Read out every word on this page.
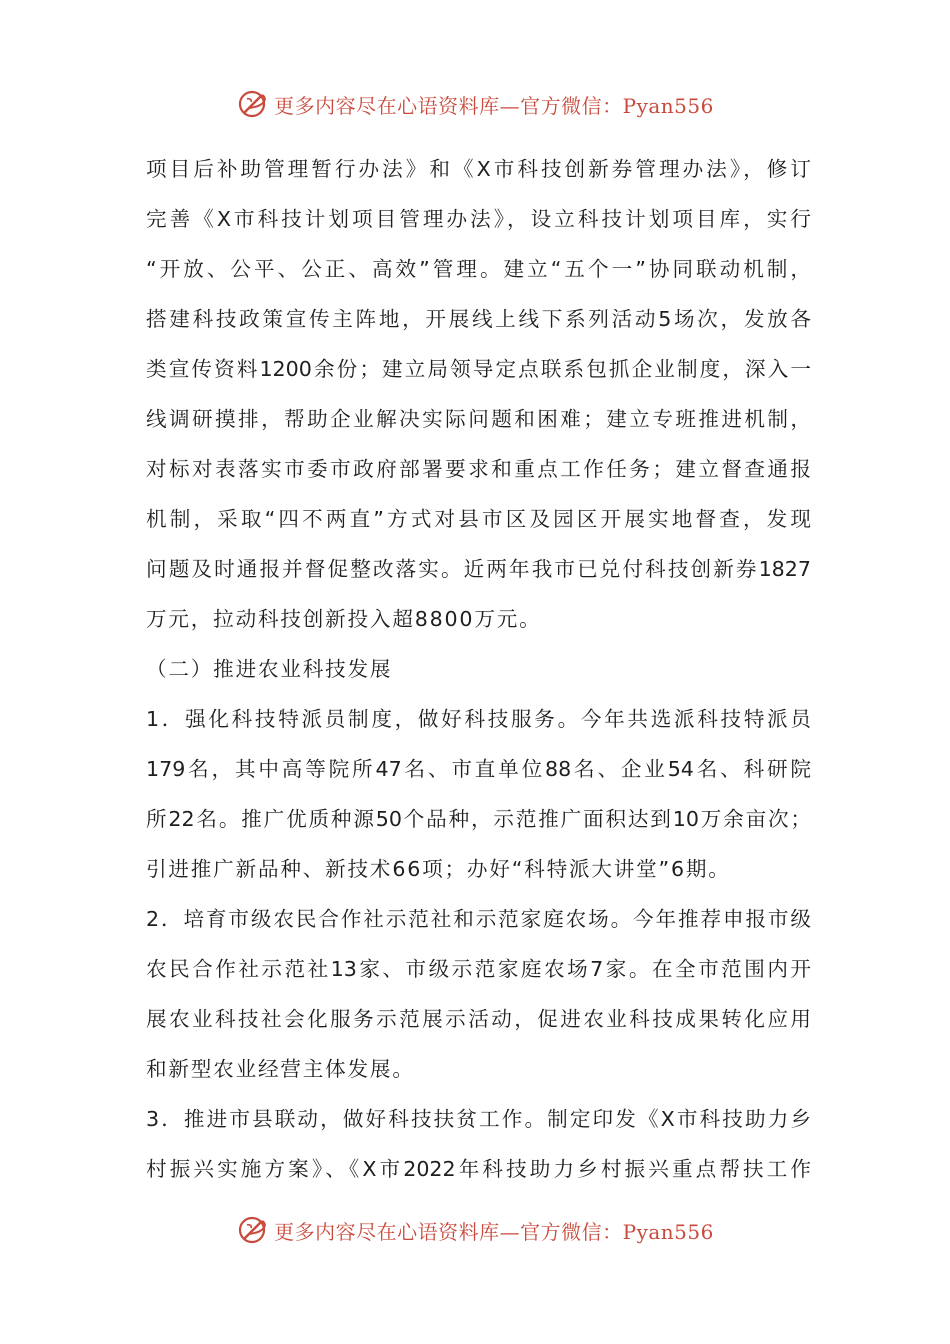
更多内容尽在心语资料库—官方微信：Pyan556
项目后补助管理暂行办法》和《X市科技创新券管理办法》，修订
完善《X市科技计划项目管理办法》，设立科技计划项目库，实行
“开放、公平、公正、高效”管理。建立“五个一”协同联动机制，
搭建科技政策宣传主阵地，开展线上线下系列活动5场次，发放各
类宣传资料1200余份；建立局领导定点联系包抓企业制度，深入一
线调研摸排，帮助企业解决实际问题和困难；建立专班推进机制，
对标对表落实市委市政府部署要求和重点工作任务；建立督查通报
机制，采取“四不两直”方式对县市区及园区开展实地督查，发现
问题及时通报并督促整改落实。近两年我市已兑付科技创新券1827
万元，拉动科技创新投入超8800万元。
（二）推进农业科技发展
1．强化科技特派员制度，做好科技服务。今年共选派科技特派员
179名，其中高等院所47名、市直单位88名、企业54名、科研院
所22名。推广优质种源50个品种，示范推广面积达到10万余亩次；
引进推广新品种、新技术66项；办好“科特派大讲堂”6期。
2．培育市级农民合作社示范社和示范家庭农场。今年推荐申报市级
农民合作社示范社13家、市级示范家庭农场7家。在全市范围内开
展农业科技社会化服务示范展示活动，促进农业科技成果转化应用
和新型农业经营主体发展。
3．推进市县联动，做好科技扶贫工作。制定印发《X市科技助力乡
村振兴实施方案》、《X市2022年科技助力乡村振兴重点帮扶工作
更多内容尽在心语资料库—官方微信：Pyan556
